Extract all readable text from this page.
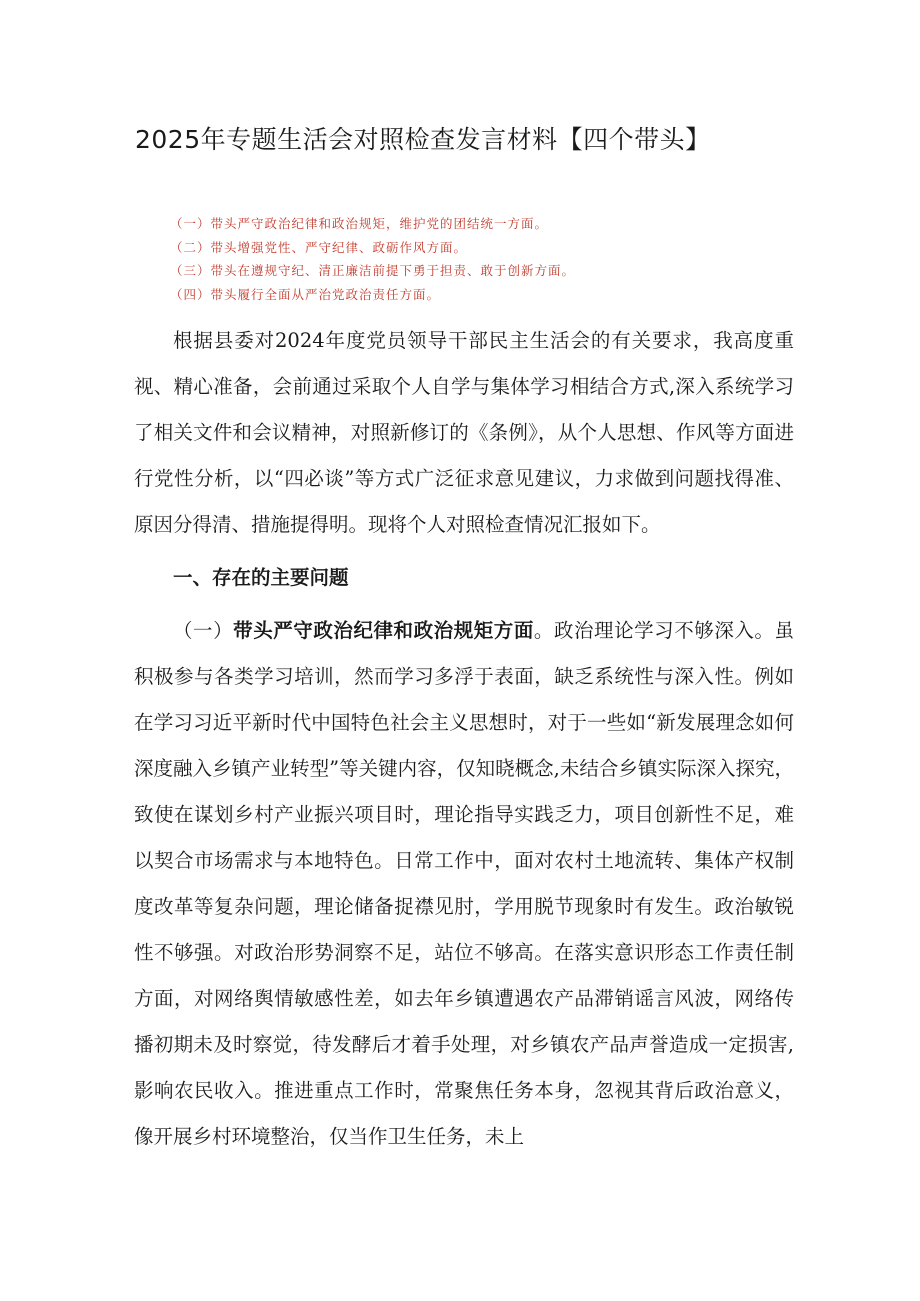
2025年专题生活会对照检查发言材料【四个带头】
（一）带头严守政治纪律和政治规矩，维护党的团结统一方面。
（二）带头增强党性、严守纪律、政砺作风方面。
（三）带头在遵规守纪、清正廉洁前提下勇于担责、敢于创新方面。
（四）带头履行全面从严治党政治责任方面。

根据县委对2024年度党员领导干部民主生活会的有关要求，我高度重视、精心准备，会前通过采取个人自学与集体学习相结合方式,深入系统学习了相关文件和会议精神，对照新修订的《条例》，从个人思想、作风等方面进行党性分析，以“四必谈”等方式广泛征求意见建议，力求做到问题找得准、原因分得清、措施提得明。现将个人对照检查情况汇报如下。

一、存在的主要问题

（一）带头严守政治纪律和政治规矩方面。政治理论学习不够深入。虽积极参与各类学习培训，然而学习多浮于表面，缺乏系统性与深入性。例如在学习习近平新时代中国特色社会主义思想时，对于一些如“新发展理念如何深度融入乡镇产业转型”等关键内容，仅知晓概念,未结合乡镇实际深入探究，致使在谋划乡村产业振兴项目时，理论指导实践乏力，项目创新性不足，难以契合市场需求与本地特色。日常工作中，面对农村土地流转、集体产权制度改革等复杂问题，理论储备捉襟见肘，学用脱节现象时有发生。政治敏锐性不够强。对政治形势洞察不足，站位不够高。在落实意识形态工作责任制方面，对网络舆情敏感性差，如去年乡镇遭遇农产品滞销谣言风波，网络传播初期未及时察觉，待发酵后才着手处理，对乡镇农产品声誉造成一定损害,影响农民收入。推进重点工作时，常聚焦任务本身，忽视其背后政治意义，像开展乡村环境整治，仅当作卫生任务，未上
